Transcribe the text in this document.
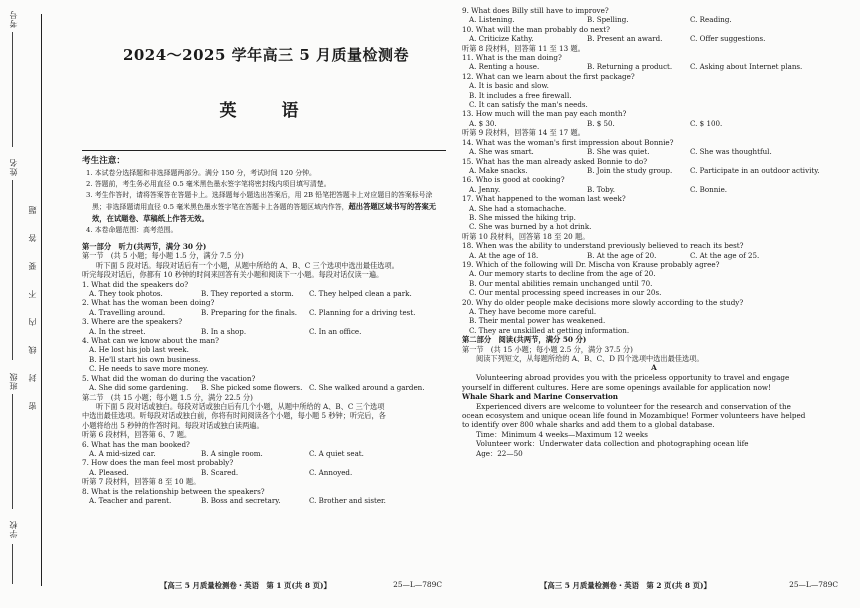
考号
姓名
班级
学校
题
答
要
不
内
线
封
密
2024～2025 学年高三 5 月质量检测卷
英　语
考生注意：

1. 本试卷分选择题和非选择题两部分。满分 150 分，考试时间 120 分钟。

2. 答题前，考生务必用直径 0.5 毫米黑色墨水签字笔将密封线内项目填写清楚。

3. 考生作答时，请将答案答在答题卡上。选择题每小题选出答案后，用 2B 铅笔把答题卡上对应题目的答案标号涂黑；非选择题请用直径 0.5 毫米黑色墨水签字笔在答题卡上各题的答题区域内作答，超出答题区域书写的答案无效，在试题卷、草稿纸上作答无效。

4. 本卷命题范围：高考范围。

第一部分　听力(共两节，满分 30 分)
第一节　(共 5 小题；每小题 1.5 分，满分 7.5 分)
听下面 5 段对话。每段对话后有一个小题，从题中所给的 A、B、C 三个选项中选出最佳选项。
听完每段对话后，你都有 10 秒钟的时间来回答有关小题和阅读下一小题。每段对话仅读一遍。
1. What did the speakers do?
A. They took photos.	B. They reported a storm.	C. They helped clean a park.
2. What has the woman been doing?
A. Travelling around.	B. Preparing for the finals.	C. Planning for a driving test.
3. Where are the speakers?
A. In the street.	B. In a shop.	C. In an office.
4. What can we know about the man?
A. He lost his job last week.
B. He'll start his own business.
C. He needs to save more money.
5. What did the woman do during the vacation?
A. She did some gardening.	B. She picked some flowers. C. She walked around a garden.
第二节　(共 15 小题；每小题 1.5 分，满分 22.5 分)
听下面 5 段对话或独白。每段对话或独白后有几个小题，从题中所给的 A、B、C 三个选项
中选出最佳选项。听每段对话或独白前，你将有时间阅读各个小题，每小题 5 秒钟；听完后，各
小题将给出 5 秒钟的作答时间。每段对话或独白读两遍。
听第 6 段材料，回答第 6、7 题。
6. What has the man booked?
A. A mid-sized car.	B. A single room.	C. A quiet seat.
7. How does the man feel most probably?
A. Pleased.	B. Scared.	C. Annoyed.
听第 7 段材料，回答第 8 至 10 题。
8. What is the relationship between the speakers?
A. Teacher and parent.	B. Boss and secretary.	C. Brother and sister.
【高三 5 月质量检测卷・英语　第 1 页(共 8 页)】	25—L—789C
9. What does Billy still have to improve?
A. Listening.	B. Spelling.	C. Reading.
10. What will the man probably do next?
A. Criticize Kathy.	B. Present an award.	C. Offer suggestions.
听第 8 段材料，回答第 11 至 13 题。
11. What is the man doing?
A. Renting a house.	B. Returning a product.	C. Asking about Internet plans.
12. What can we learn about the first package?
A. It is basic and slow.
B. It includes a free firewall.
C. It can satisfy the man's needs.
13. How much will the man pay each month?
A. $ 30.	B. $ 50.	C. $ 100.
听第 9 段材料，回答第 14 至 17 题。
14. What was the woman's first impression about Bonnie?
A. She was smart.	B. She was quiet.	C. She was thoughtful.
15. What has the man already asked Bonnie to do?
A. Make snacks.	B. Join the study group.	C. Participate in an outdoor activity.
16. Who is good at cooking?
A. Jenny.	B. Toby.	C. Bonnie.
17. What happened to the woman last week?
A. She had a stomachache.
B. She missed the hiking trip.
C. She was burned by a hot drink.
听第 10 段材料，回答第 18 至 20 题。
18. When was the ability to understand previously believed to reach its best?
A. At the age of 18.	B. At the age of 20.	C. At the age of 25.
19. Which of the following will Dr. Mischa von Krause probably agree?
A. Our memory starts to decline from the age of 20.
B. Our mental abilities remain unchanged until 70.
C. Our mental processing speed increases in our 20s.
20. Why do older people make decisions more slowly according to the study?
A. They have become more careful.
B. Their mental power has weakened.
C. They are unskilled at getting information.
第二部分　阅读(共两节，满分 50 分)
第一节　(共 15 小题；每小题 2.5 分，满分 37.5 分)
阅读下列短文，从每题所给的 A、B、C、D 四个选项中选出最佳选项。
A
Volunteering abroad provides you with the priceless opportunity to travel and engage
yourself in different cultures. Here are some openings available for application now!
Whale Shark and Marine Conservation
Experienced divers are welcome to volunteer for the research and conservation of the
ocean ecosystem and unique ocean life found in Mozambique! Former volunteers have helped
to identify over 800 whale sharks and add them to a global database.
Time：Minimum 4 weeks—Maximum 12 weeks
Volunteer work：Underwater data collection and photographing ocean life
Age：22—50
【高三 5 月质量检测卷・英语　第 2 页(共 8 页)】	25—L—789C
